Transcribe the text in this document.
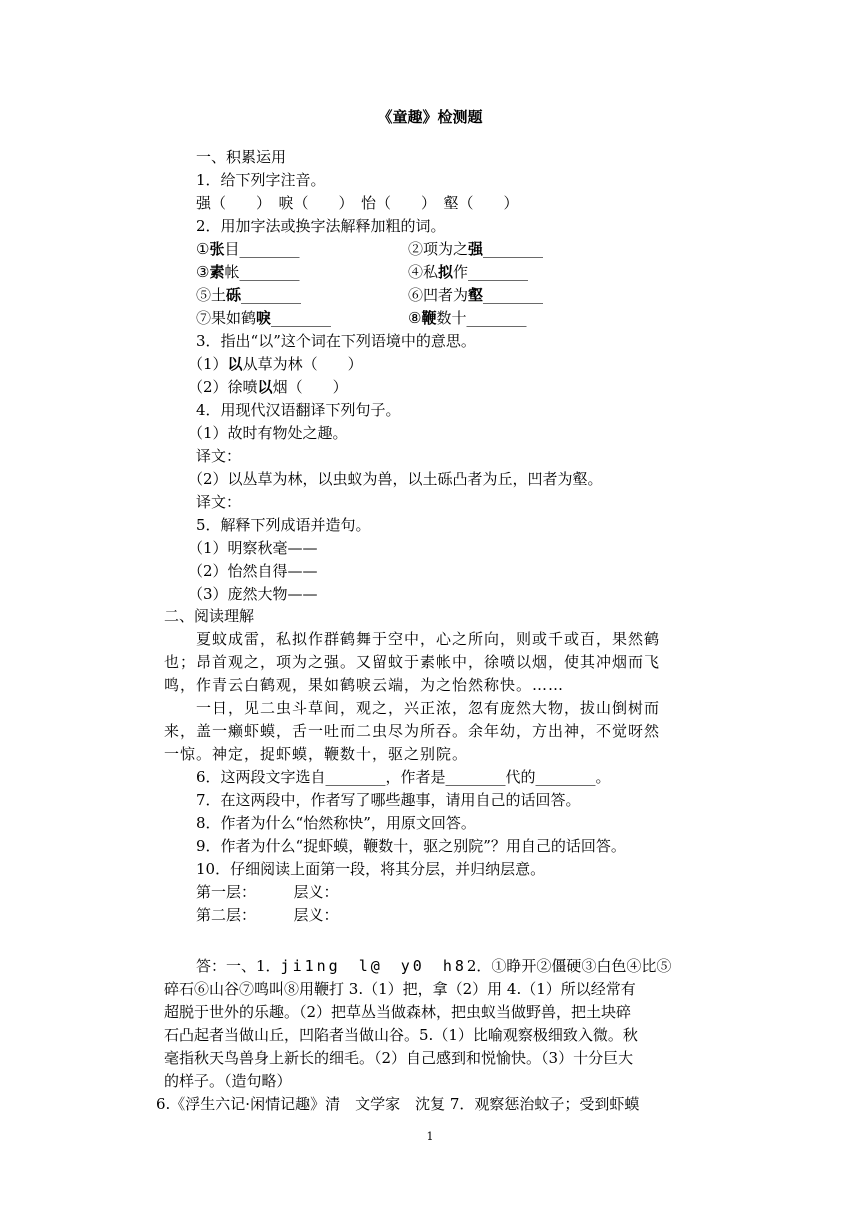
《童趣》检测题
一、积累运用
1．给下列字注音。
强（　　）　唳（　　）　怡（　　）　壑（　　）
2．用加字法或换字法解释加粗的词。
①张目________	②项为之强________
③素帐________	④私拟作________
⑤土砾________	⑥凹者为壑________
⑦果如鹤唳________	⑧鞭数十________
3．指出“以”这个词在下列语境中的意思。
（1）以从草为林（　　）
（2）徐喷以烟（　　）
4．用现代汉语翻译下列句子。
（1）故时有物处之趣。
译文：
（2）以丛草为林，以虫蚁为兽，以土砾凸者为丘，凹者为壑。
译文：
5．解释下列成语并造句。
（1）明察秋毫——
（2）怡然自得——
（3）庞然大物——
二、阅读理解
夏蚊成雷，私拟作群鹤舞于空中，心之所向，则或千或百，果然鹤
也；昂首观之，项为之强。又留蚊于素帐中，徐喷以烟，使其冲烟而飞
鸣，作青云白鹤观，果如鹤唳云端，为之怡然称快。……
一日，见二虫斗草间，观之，兴正浓，忽有庞然大物，拔山倒树而
来，盖一癞虾蟆，舌一吐而二虫尽为所吞。余年幼，方出神，不觉呀然
一惊。神定，捉虾蟆，鞭数十，驱之别院。
6．这两段文字选自________，作者是________代的________。
7．在这两段中，作者写了哪些趣事，请用自己的话回答。
8．作者为什么“怡然称快”，用原文回答。
9．作者为什么“捉虾蟆，鞭数十，驱之别院”？用自己的话回答。
10．仔细阅读上面第一段，将其分层，并归纳层意。
第一层：　　　层义：
第二层：　　　层义：
答：一、1．ji1ng　l@　y0　h82．①睁开②僵硬③白色④比⑤
碎石⑥山谷⑦鸣叫⑧用鞭打 3.（1）把，拿（2）用 4.（1）所以经常有
超脱于世外的乐趣。（2）把草丛当做森林，把虫蚁当做野兽，把土块碎
石凸起者当做山丘，凹陷者当做山谷。5.（1）比喻观察极细致入微。秋
毫指秋天鸟兽身上新长的细毛。（2）自己感到和悦愉快。（3）十分巨大
的样子。（造句略）
6.《浮生六记·闲情记趣》清　文学家　沈复 7．观察惩治蚊子；受到虾蟆
1
